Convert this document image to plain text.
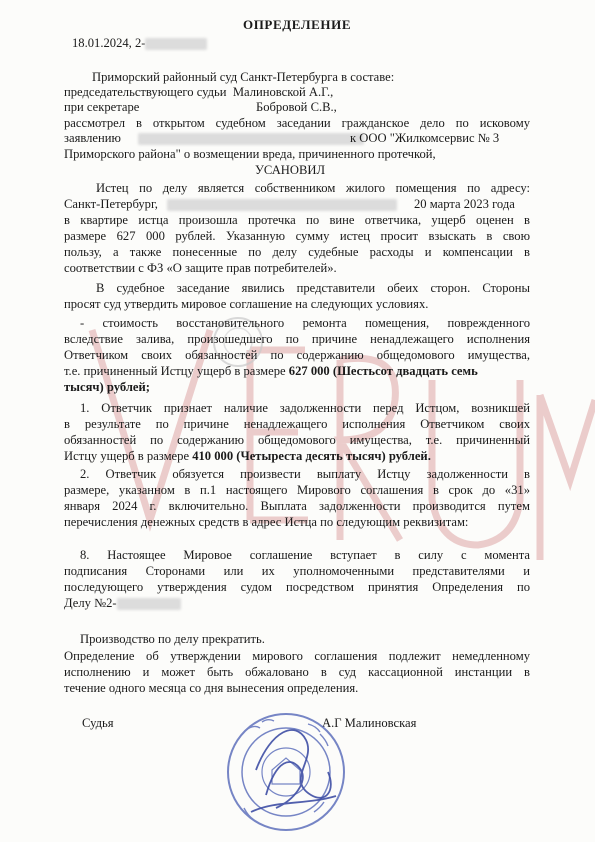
ОПРЕДЕЛЕНИЕ
18.01.2024, 2-
Приморский районный суд Санкт-Петербурга в составе:
председательствующего судьи Малиновской А.Г.,
при секретаре	Бобровой С.В.,
рассмотрел в открытом судебном заседании гражданское дело по исковому
заявлению	к ООО "Жилкомсервис № 3
Приморского района" о возмещении вреда, причиненного протечкой,
УСАНОВИЛ
Истец по делу является собственником жилого помещения по адресу:
Санкт-Петербург,	20 марта 2023 года
в квартире истца произошла протечка по вине ответчика, ущерб оценен в
размере 627 000 рублей. Указанную сумму истец просит взыскать в свою
пользу, а также понесенные по делу судебные расходы и компенсации в
соответствии с ФЗ «О защите прав потребителей».
В судебное заседание явились представители обеих сторон. Стороны
просят суд утвердить мировое соглашение на следующих условиях.
- стоимость восстановительного ремонта помещения, поврежденного
вследствие залива, произошедшего по причине ненадлежащего исполнения
Ответчиком своих обязанностей по содержанию общедомового имущества,
т.е. причиненный Истцу ущерб в размере 627 000 (Шестьсот двадцать семь
тысяч) рублей;
1. Ответчик признает наличие задолженности перед Истцом, возникшей
в результате по причине ненадлежащего исполнения Ответчиком своих
обязанностей по содержанию общедомового имущества, т.е. причиненный
Истцу ущерб в размере 410 000 (Четыреста десять тысяч) рублей.
2. Ответчик обязуется произвести выплату Истцу задолженности в
размере, указанном в п.1 настоящего Мирового соглашения в срок до «31»
января 2024 г. включительно. Выплата задолженности производится путем
перечисления денежных средств в адрес Истца по следующим реквизитам:
8. Настоящее Мировое соглашение вступает в силу с момента
подписания Сторонами или их уполномоченными представителями и
последующего утверждения судом посредством принятия Определения по
Делу №2-
Производство по делу прекратить.
Определение об утверждении мирового соглашения подлежит немедленному
исполнению и может быть обжаловано в суд кассационной инстанции в
течение одного месяца со дня вынесения определения.
Судья	А.Г Малиновская
